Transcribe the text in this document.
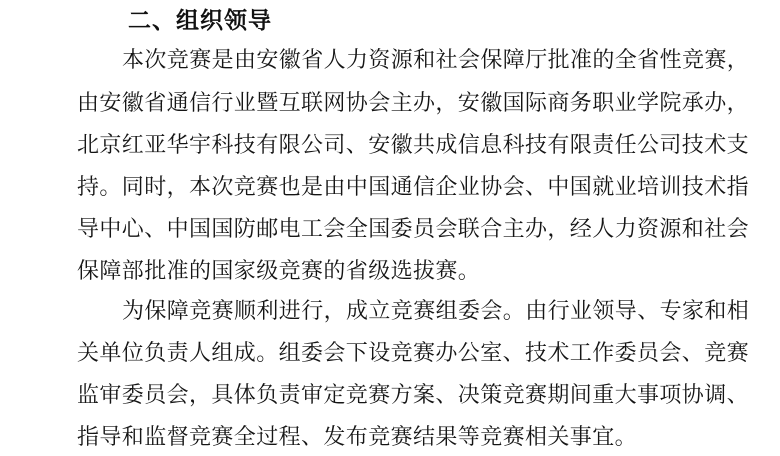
二、组织领导
本次竞赛是由安徽省人力资源和社会保障厅批准的全省性竞赛，
由安徽省通信行业暨互联网协会主办，安徽国际商务职业学院承办，
北京红亚华宇科技有限公司、安徽共成信息科技有限责任公司技术支
持。同时，本次竞赛也是由中国通信企业协会、中国就业培训技术指
导中心、中国国防邮电工会全国委员会联合主办，经人力资源和社会
保障部批准的国家级竞赛的省级选拔赛。
为保障竞赛顺利进行，成立竞赛组委会。由行业领导、专家和相
关单位负责人组成。组委会下设竞赛办公室、技术工作委员会、竞赛
监审委员会，具体负责审定竞赛方案、决策竞赛期间重大事项协调、
指导和监督竞赛全过程、发布竞赛结果等竞赛相关事宜。
